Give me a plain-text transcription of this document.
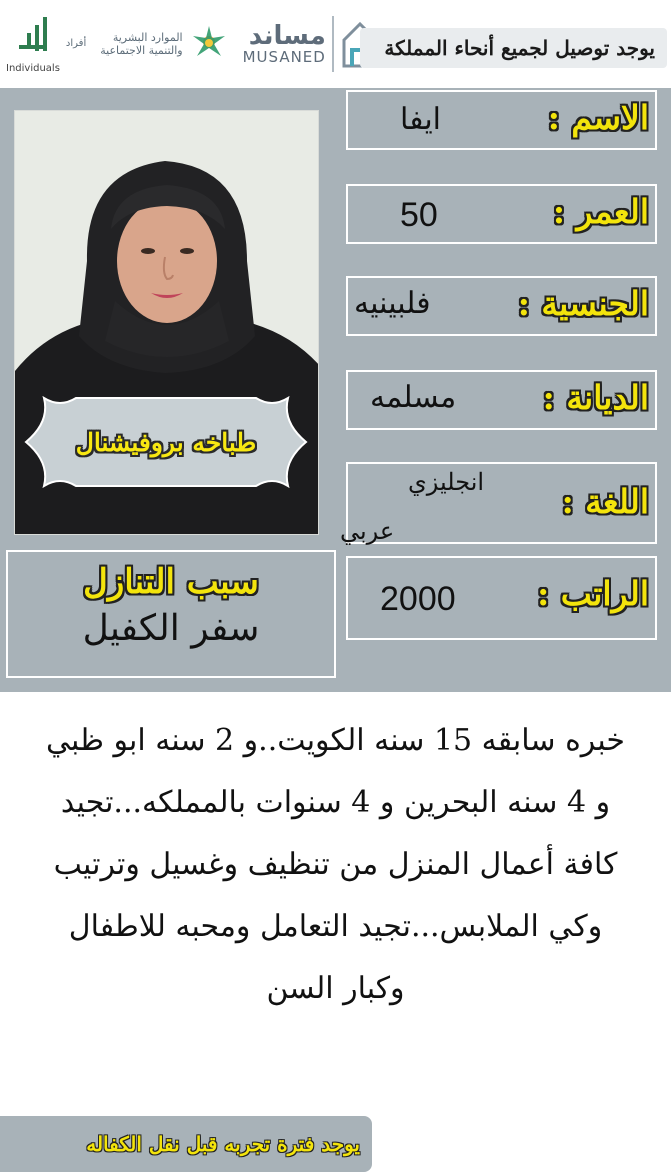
Individuals
أفراد	الموارد البشرية
والتنمية الاجتماعية	مساند
MUSANED	يوجد توصيل لجميع أنحاء المملكة
طباخه بروفيشنال
الاسم :
ايفا
العمر :
50
الجنسية :
فلبينيه
الديانة :
مسلمه
اللغة :
انجليزي
عربي
الراتب :
2000
سبب التنازل
سفر الكفيل
خبره سابقه 15 سنه الكويت..و 2 سنه ابو ظبي
و 4 سنه البحرين و 4 سنوات بالمملكه...تجيد
كافة أعمال المنزل من تنظيف وغسيل وترتيب
وكي الملابس...تجيد التعامل ومحبه للاطفال
وكبار السن
يوجد فترة تجربه قبل نقل الكفاله
